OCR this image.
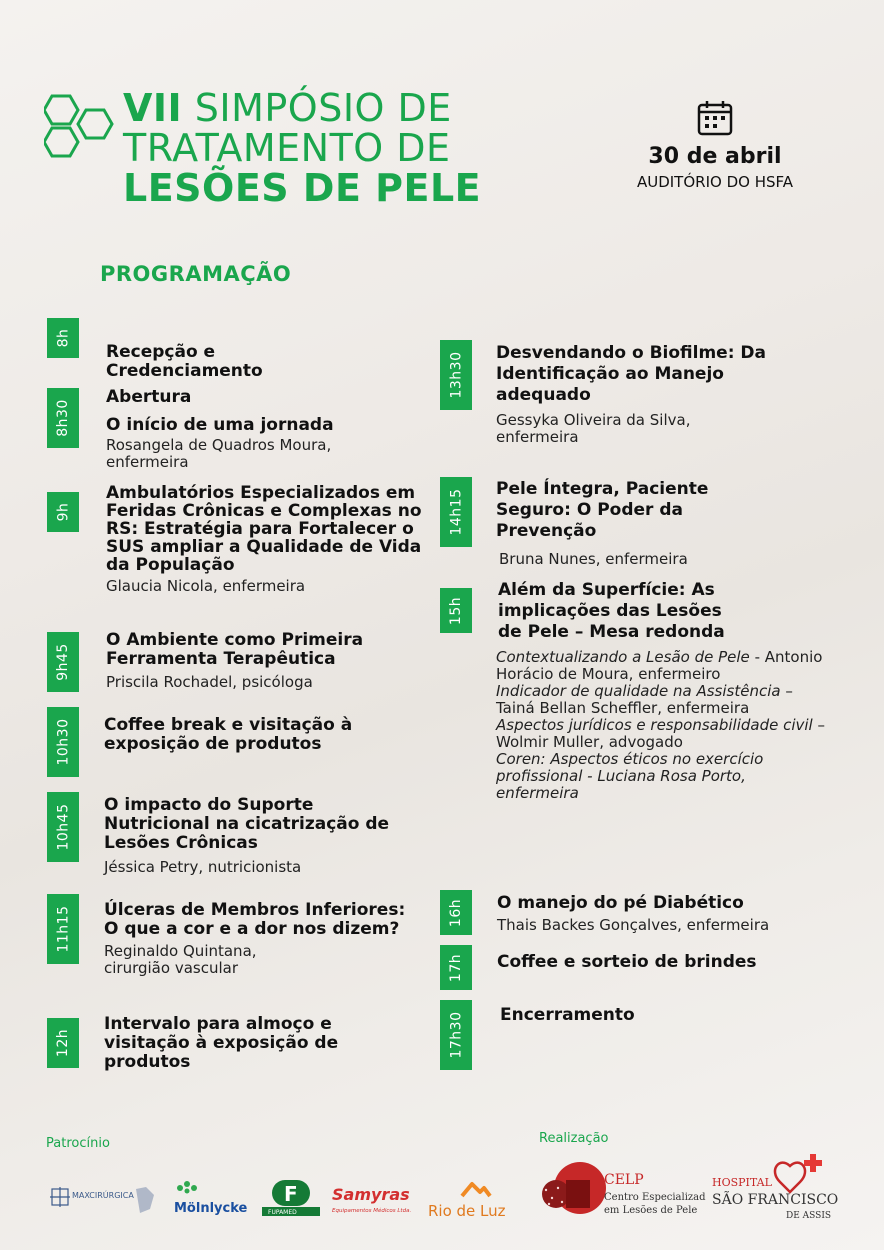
VII SIMPÓSIO DE
TRATAMENTO DE
LESÕES DE PELE
30 de abril
AUDITÓRIO DO HSFA
PROGRAMAÇÃO
8h
Recepção e Credenciamento
8h30
Abertura
O início de uma jornada
Rosangela de Quadros Moura, enfermeira
9h
Ambulatórios Especializados em Feridas Crônicas e Complexas no RS: Estratégia para Fortalecer o SUS ampliar a Qualidade de Vida da População
Glaucia Nicola, enfermeira
9h45
O Ambiente como Primeira Ferramenta Terapêutica
Priscila Rochadel, psicóloga
10h30 Coffee break e visitação à exposição de produtos
10h45 O impacto do Suporte Nutricional na cicatrização de Lesões Crônicas
Jéssica Petry, nutricionista
11h15 Úlceras de Membros Inferiores: O que a cor e a dor nos dizem?
Reginaldo Quintana, cirurgião vascular
12h
Intervalo para almoço e visitação à exposição de produtos
13h30 Desvendando o Biofilme: Da Identificação ao Manejo adequado
Gessyka Oliveira da Silva, enfermeira
14h15 Pele Íntegra, Paciente Seguro: O Poder da Prevenção
Bruna Nunes, enfermeira
15h
Além da Superfície: As implicações das Lesões de Pele – Mesa redonda
Contextualizando a Lesão de Pele - Antonio Horácio de Moura, enfermeiro
Indicador de qualidade na Assistência – Tainá Bellan Scheffler, enfermeira
Aspectos jurídicos e responsabilidade civil – Wolmir Muller, advogado
Coren: Aspectos éticos no exercício profissional - Luciana Rosa Porto, enfermeira
16h O manejo do pé Diabético
Thais Backes Gonçalves, enfermeira
17h Coffee e sorteio de brindes
17h30 Encerramento
Patrocínio	Realização
MAXCIRÚRGICA
Mölnlycke
F
FUPAMED
Samyras
Equipamentos Médicos Ltda. Rio de Luz
CELP
Centro Especializado
em Lesões de Pele
HOSPITAL
SÃO FRANCISCO
DE ASSIS
